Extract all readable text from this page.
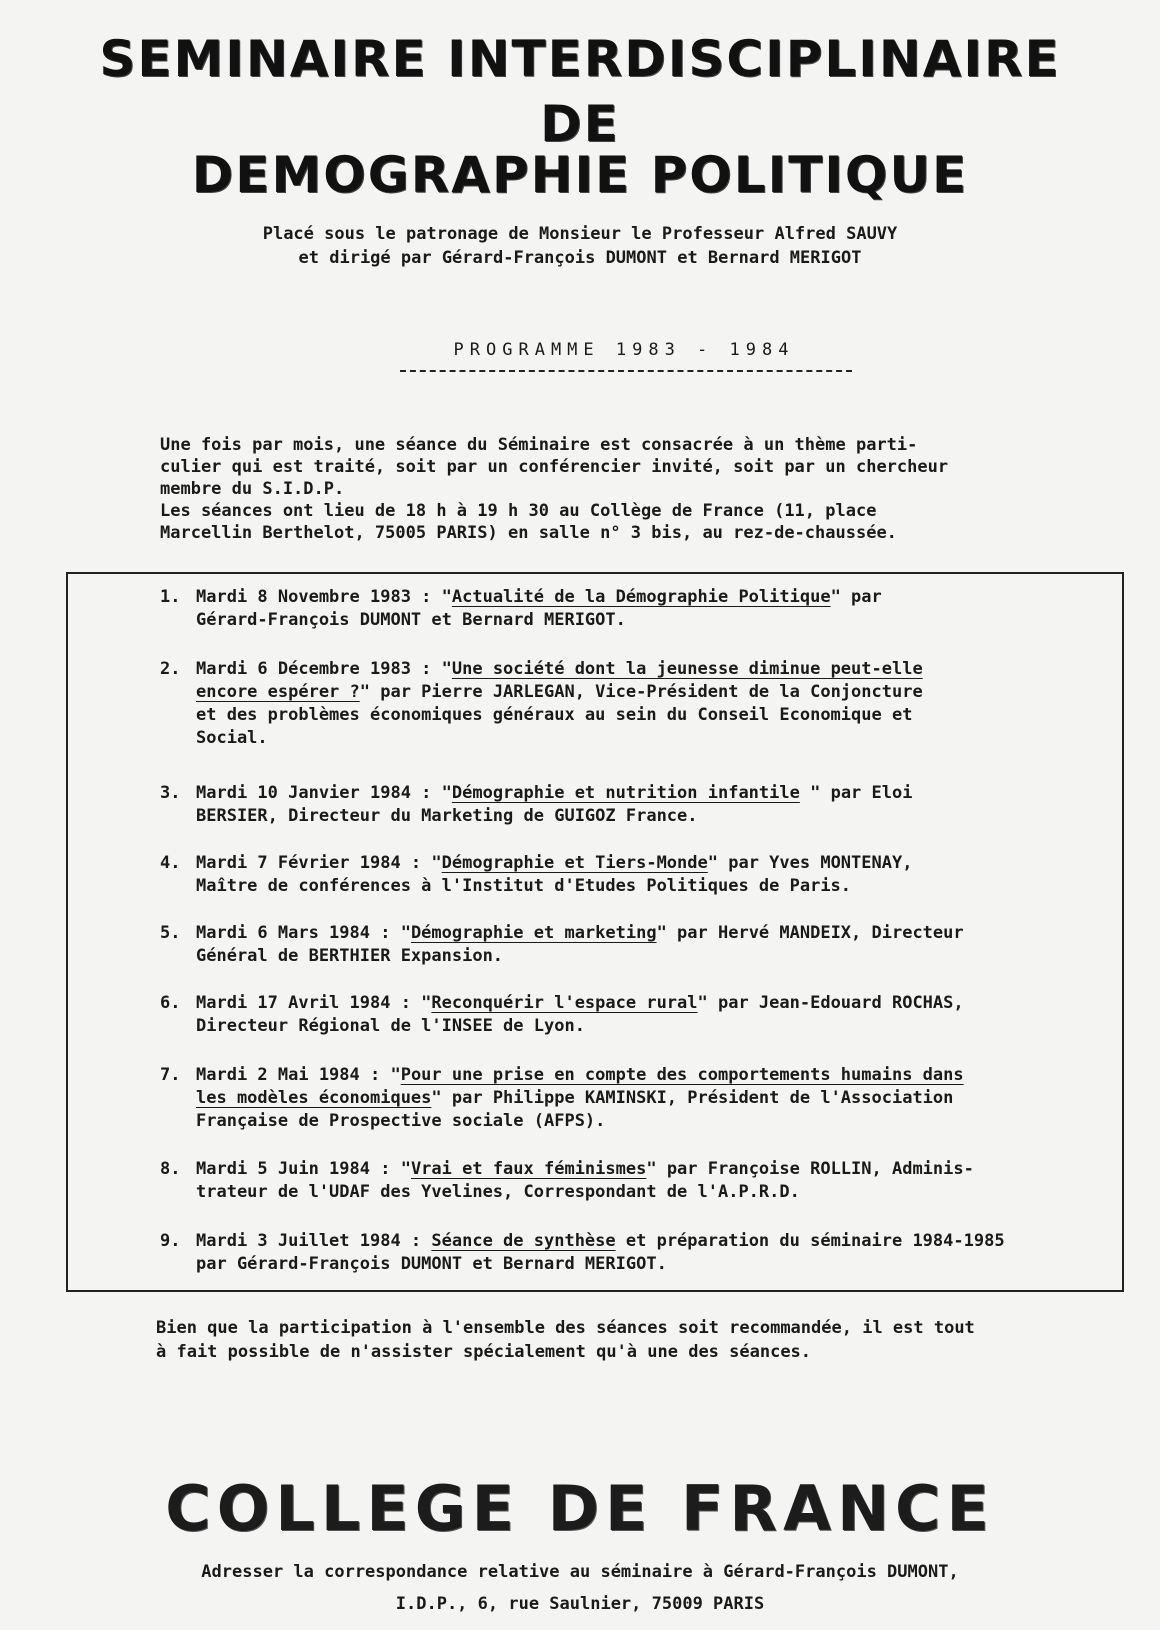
SEMINAIRE INTERDISCIPLINAIRE
DE
DEMOGRAPHIE POLITIQUE
Placé sous le patronage de Monsieur le Professeur Alfred SAUVY
et dirigé par Gérard-François DUMONT et Bernard MERIGOT
PROGRAMME 1983 - 1984
Une fois par mois, une séance du Séminaire est consacrée à un thème parti-
culier qui est traité, soit par un conférencier invité, soit par un chercheur
membre du S.I.D.P.
Les séances ont lieu de 18 h à 19 h 30 au Collège de France (11, place
Marcellin Berthelot, 75005 PARIS) en salle n° 3 bis, au rez-de-chaussée.
1. Mardi 8 Novembre 1983 : "Actualité de la Démographie Politique" par
Gérard-François DUMONT et Bernard MERIGOT.
2. Mardi 6 Décembre 1983 : "Une société dont la jeunesse diminue peut-elle
encore espérer ?" par Pierre JARLEGAN, Vice-Président de la Conjoncture
et des problèmes économiques généraux au sein du Conseil Economique et
Social.
3. Mardi 10 Janvier 1984 : "Démographie et nutrition infantile " par Eloi
BERSIER, Directeur du Marketing de GUIGOZ France.
4. Mardi 7 Février 1984 : "Démographie et Tiers-Monde" par Yves MONTENAY,
Maître de conférences à l'Institut d'Etudes Politiques de Paris.
5. Mardi 6 Mars 1984 : "Démographie et marketing" par Hervé MANDEIX, Directeur
Général de BERTHIER Expansion.
6. Mardi 17 Avril 1984 : "Reconquérir l'espace rural" par Jean-Edouard ROCHAS,
Directeur Régional de l'INSEE de Lyon.
7. Mardi 2 Mai 1984 : "Pour une prise en compte des comportements humains dans
les modèles économiques" par Philippe KAMINSKI, Président de l'Association
Française de Prospective sociale (AFPS).
8. Mardi 5 Juin 1984 : "Vrai et faux féminismes" par Françoise ROLLIN, Adminis-
trateur de l'UDAF des Yvelines, Correspondant de l'A.P.R.D.
9. Mardi 3 Juillet 1984 : Séance de synthèse et préparation du séminaire 1984-1985
par Gérard-François DUMONT et Bernard MERIGOT.
Bien que la participation à l'ensemble des séances soit recommandée, il est tout
à fait possible de n'assister spécialement qu'à une des séances.
COLLEGE DE FRANCE
Adresser la correspondance relative au séminaire à Gérard-François DUMONT,
I.D.P., 6, rue Saulnier, 75009 PARIS
